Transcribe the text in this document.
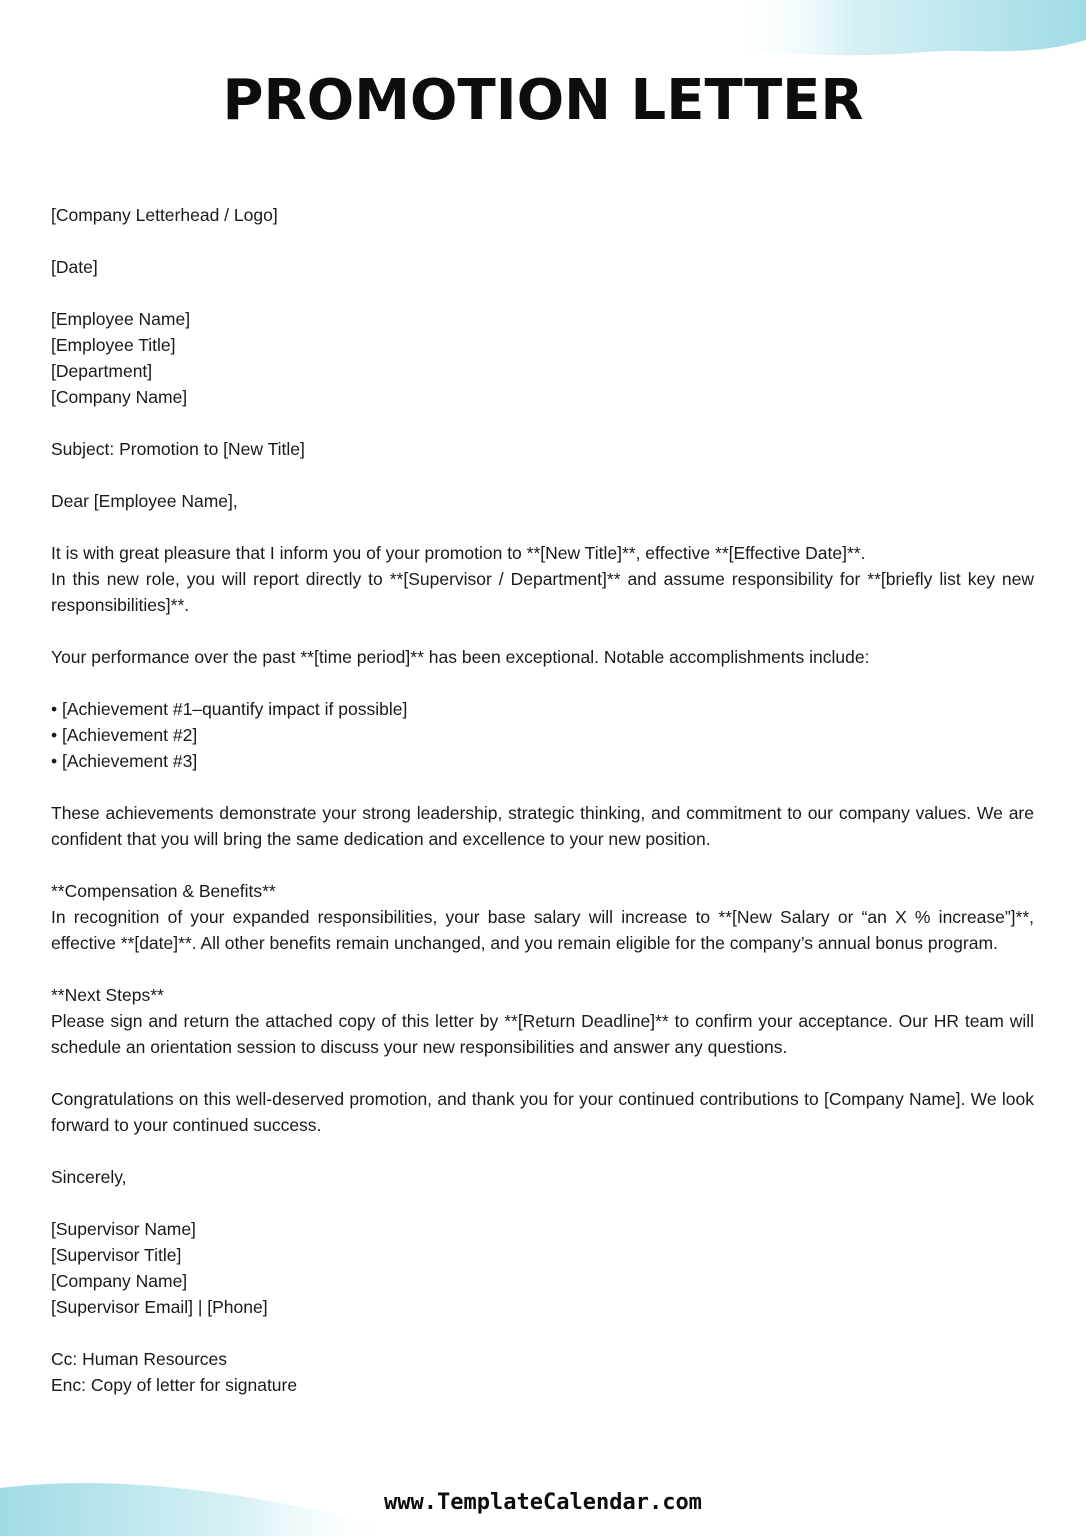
PROMOTION LETTER
[Company Letterhead / Logo]
[Date]
[Employee Name]
[Employee Title]
[Department]
[Company Name]
Subject: Promotion to [New Title]
Dear [Employee Name],
It is with great pleasure that I inform you of your promotion to **[New Title]**, effective **[Effective Date]**.
In this new role, you will report directly to **[Supervisor / Department]** and assume responsibility for **[briefly list key new responsibilities]**.
Your performance over the past **[time period]** has been exceptional. Notable accomplishments include:
• [Achievement #1–quantify impact if possible]
• [Achievement #2]
• [Achievement #3]
These achievements demonstrate your strong leadership, strategic thinking, and commitment to our company values. We are confident that you will bring the same dedication and excellence to your new position.
**Compensation & Benefits**
In recognition of your expanded responsibilities, your base salary will increase to **[New Salary or “an X % increase”]**, effective **[date]**. All other benefits remain unchanged, and you remain eligible for the company’s annual bonus program.
**Next Steps**
Please sign and return the attached copy of this letter by **[Return Deadline]** to confirm your acceptance. Our HR team will schedule an orientation session to discuss your new responsibilities and answer any questions.
Congratulations on this well-deserved promotion, and thank you for your continued contributions to [Company Name]. We look forward to your continued success.
Sincerely,
[Supervisor Name]
[Supervisor Title]
[Company Name]
[Supervisor Email] | [Phone]
Cc: Human Resources
Enc: Copy of letter for signature
www.TemplateCalendar.com
